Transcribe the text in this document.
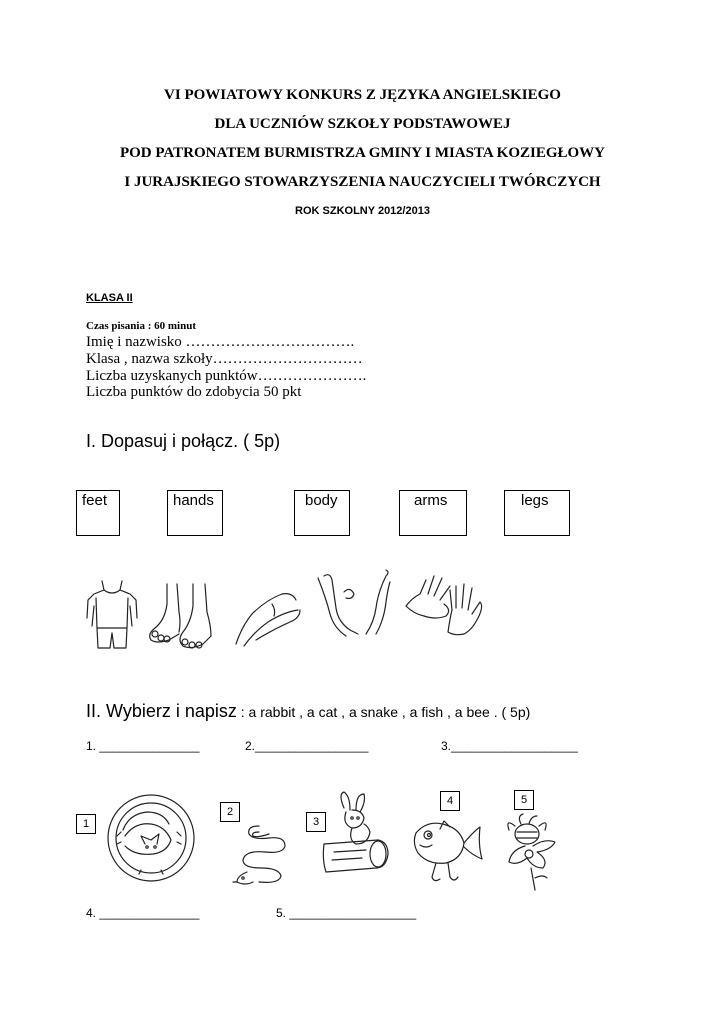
VI POWIATOWY KONKURS Z JĘZYKA ANGIELSKIEGO
DLA UCZNIÓW SZKOŁY PODSTAWOWEJ
POD PATRONATEM BURMISTRZA GMINY I MIASTA KOZIEGŁOWY
I JURAJSKIEGO STOWARZYSZENIA NAUCZYCIELI TWÓRCZYCH
ROK SZKOLNY 2012/2013
KLASA II
Czas pisania : 60 minut
Imię i nazwisko …………………………….
Klasa , nazwa szkoły…………………………
Liczba uzyskanych punktów………………….
Liczba punktów do zdobycia 50 pkt
I. Dopasuj i połącz. ( 5p)
feet	hands	body	arms	legs
II. Wybierz i napisz : a rabbit , a cat , a snake , a fish , a bee . ( 5p)
1. _______________	2._________________	3.___________________
1
2
3
4	5
4. _______________	5. ___________________
